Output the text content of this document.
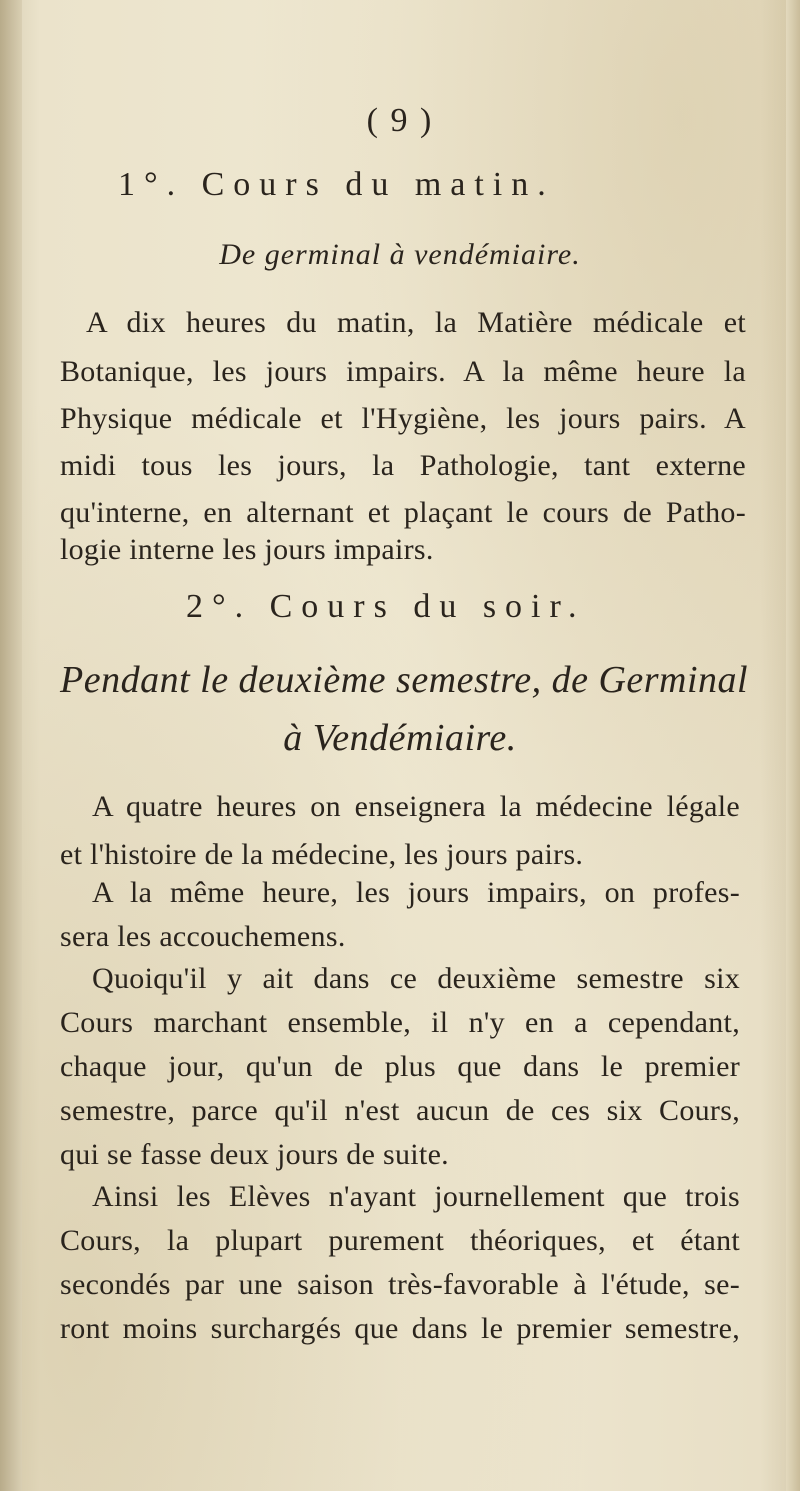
( 9 )
1°. Cours du matin.
De germinal à vendémiaire.
A dix heures du matin, la Matière médicale et
Botanique, les jours impairs. A la même heure la
Physique médicale et l'Hygiène, les jours pairs. A
midi tous les jours, la Pathologie, tant externe
qu'interne, en alternant et plaçant le cours de Patho-
logie interne les jours impairs.
2°. Cours du soir.
Pendant le deuxième semestre, de Germinal
à Vendémiaire.
A quatre heures on enseignera la médecine légale
et l'histoire de la médecine, les jours pairs.
A la même heure, les jours impairs, on profes-
sera les accouchemens.
Quoiqu'il y ait dans ce deuxième semestre six
Cours marchant ensemble, il n'y en a cependant,
chaque jour, qu'un de plus que dans le premier
semestre, parce qu'il n'est aucun de ces six Cours,
qui se fasse deux jours de suite.
Ainsi les Elèves n'ayant journellement que trois
Cours, la plupart purement théoriques, et étant
secondés par une saison très-favorable à l'étude, se-
ront moins surchargés que dans le premier semestre,
